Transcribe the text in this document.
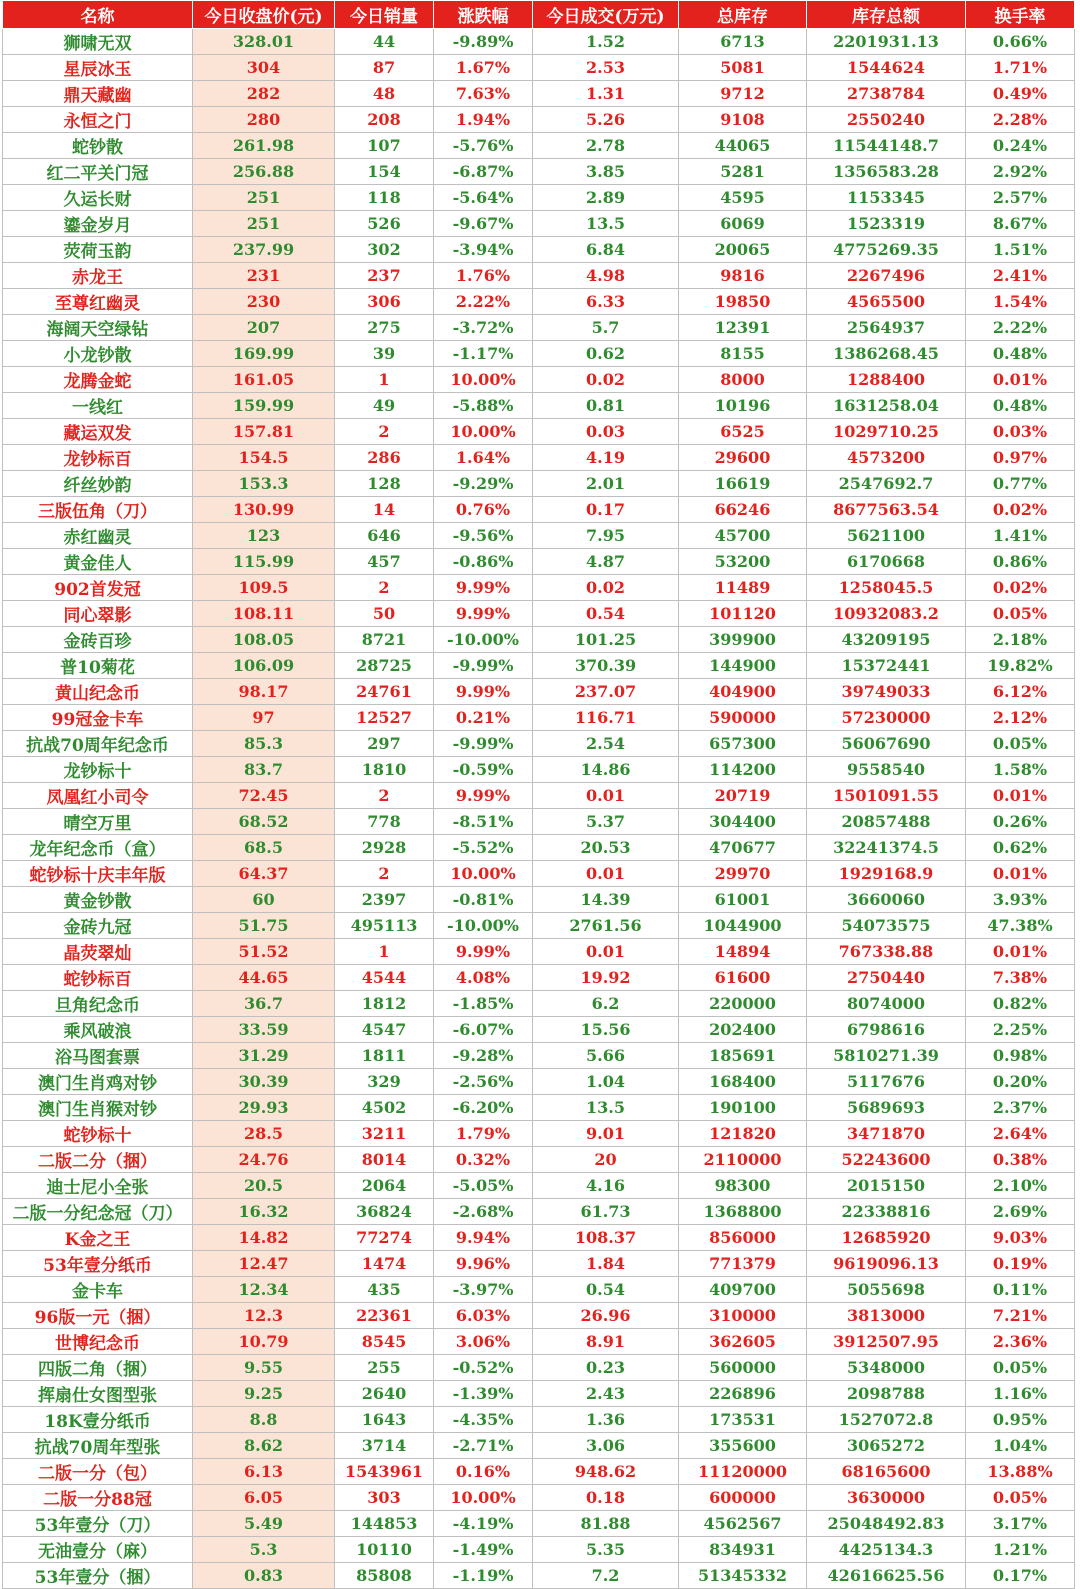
名称	今日收盘价(元)	今日销量	涨跌幅	今日成交(万元)	总库存	库存总额	换手率
狮啸无双	328.01	44	-9.89%	1.52	6713	2201931.13	0.66%
星辰冰玉	304	87	1.67%	2.53	5081	1544624	1.71%
鼎天藏幽	282	48	7.63%	1.31	9712	2738784	0.49%
永恒之门	280	208	1.94%	5.26	9108	2550240	2.28%
蛇钞散	261.98	107	-5.76%	2.78	44065	11544148.7	0.24%
红二平关门冠	256.88	154	-6.87%	3.85	5281	1356583.28	2.92%
久运长财	251	118	-5.64%	2.89	4595	1153345	2.57%
鎏金岁月	251	526	-9.67%	13.5	6069	1523319	8.67%
荧荷玉韵	237.99	302	-3.94%	6.84	20065	4775269.35	1.51%
赤龙王	231	237	1.76%	4.98	9816	2267496	2.41%
至尊红幽灵	230	306	2.22%	6.33	19850	4565500	1.54%
海阔天空绿钻	207	275	-3.72%	5.7	12391	2564937	2.22%
小龙钞散	169.99	39	-1.17%	0.62	8155	1386268.45	0.48%
龙腾金蛇	161.05	1	10.00%	0.02	8000	1288400	0.01%
一线红	159.99	49	-5.88%	0.81	10196	1631258.04	0.48%
藏运双发	157.81	2	10.00%	0.03	6525	1029710.25	0.03%
龙钞标百	154.5	286	1.64%	4.19	29600	4573200	0.97%
纤丝妙韵	153.3	128	-9.29%	2.01	16619	2547692.7	0.77%
三版伍角（刀）	130.99	14	0.76%	0.17	66246	8677563.54	0.02%
赤红幽灵	123	646	-9.56%	7.95	45700	5621100	1.41%
黄金佳人	115.99	457	-0.86%	4.87	53200	6170668	0.86%
902首发冠	109.5	2	9.99%	0.02	11489	1258045.5	0.02%
同心翠影	108.11	50	9.99%	0.54	101120	10932083.2	0.05%
金砖百珍	108.05	8721	-10.00%	101.25	399900	43209195	2.18%
普10菊花	106.09	28725	-9.99%	370.39	144900	15372441	19.82%
黄山纪念币	98.17	24761	9.99%	237.07	404900	39749033	6.12%
99冠金卡车	97	12527	0.21%	116.71	590000	57230000	2.12%
抗战70周年纪念币	85.3	297	-9.99%	2.54	657300	56067690	0.05%
龙钞标十	83.7	1810	-0.59%	14.86	114200	9558540	1.58%
凤凰红小司令	72.45	2	9.99%	0.01	20719	1501091.55	0.01%
晴空万里	68.52	778	-8.51%	5.37	304400	20857488	0.26%
龙年纪念币（盒）	68.5	2928	-5.52%	20.53	470677	32241374.5	0.62%
蛇钞标十庆丰年版	64.37	2	10.00%	0.01	29970	1929168.9	0.01%
黄金钞散	60	2397	-0.81%	14.39	61001	3660060	3.93%
金砖九冠	51.75	495113	-10.00%	2761.56	1044900	54073575	47.38%
晶荧翠灿	51.52	1	9.99%	0.01	14894	767338.88	0.01%
蛇钞标百	44.65	4544	4.08%	19.92	61600	2750440	7.38%
旦角纪念币	36.7	1812	-1.85%	6.2	220000	8074000	0.82%
乘风破浪	33.59	4547	-6.07%	15.56	202400	6798616	2.25%
浴马图套票	31.29	1811	-9.28%	5.66	185691	5810271.39	0.98%
澳门生肖鸡对钞	30.39	329	-2.56%	1.04	168400	5117676	0.20%
澳门生肖猴对钞	29.93	4502	-6.20%	13.5	190100	5689693	2.37%
蛇钞标十	28.5	3211	1.79%	9.01	121820	3471870	2.64%
二版二分（捆）	24.76	8014	0.32%	20	2110000	52243600	0.38%
迪士尼小全张	20.5	2064	-5.05%	4.16	98300	2015150	2.10%
二版一分纪念冠（刀）	16.32	36824	-2.68%	61.73	1368800	22338816	2.69%
K金之王	14.82	77274	9.94%	108.37	856000	12685920	9.03%
53年壹分纸币	12.47	1474	9.96%	1.84	771379	9619096.13	0.19%
金卡车	12.34	435	-3.97%	0.54	409700	5055698	0.11%
96版一元（捆）	12.3	22361	6.03%	26.96	310000	3813000	7.21%
世博纪念币	10.79	8545	3.06%	8.91	362605	3912507.95	2.36%
四版二角（捆）	9.55	255	-0.52%	0.23	560000	5348000	0.05%
挥扇仕女图型张	9.25	2640	-1.39%	2.43	226896	2098788	1.16%
18K壹分纸币	8.8	1643	-4.35%	1.36	173531	1527072.8	0.95%
抗战70周年型张	8.62	3714	-2.71%	3.06	355600	3065272	1.04%
二版一分（包）	6.13	1543961	0.16%	948.62	11120000	68165600	13.88%
二版一分88冠	6.05	303	10.00%	0.18	600000	3630000	0.05%
53年壹分（刀）	5.49	144853	-4.19%	81.88	4562567	25048492.83	3.17%
无油壹分（麻）	5.3	10110	-1.49%	5.35	834931	4425134.3	1.21%
53年壹分（捆）	0.83	85808	-1.19%	7.2	51345332	42616625.56	0.17%
